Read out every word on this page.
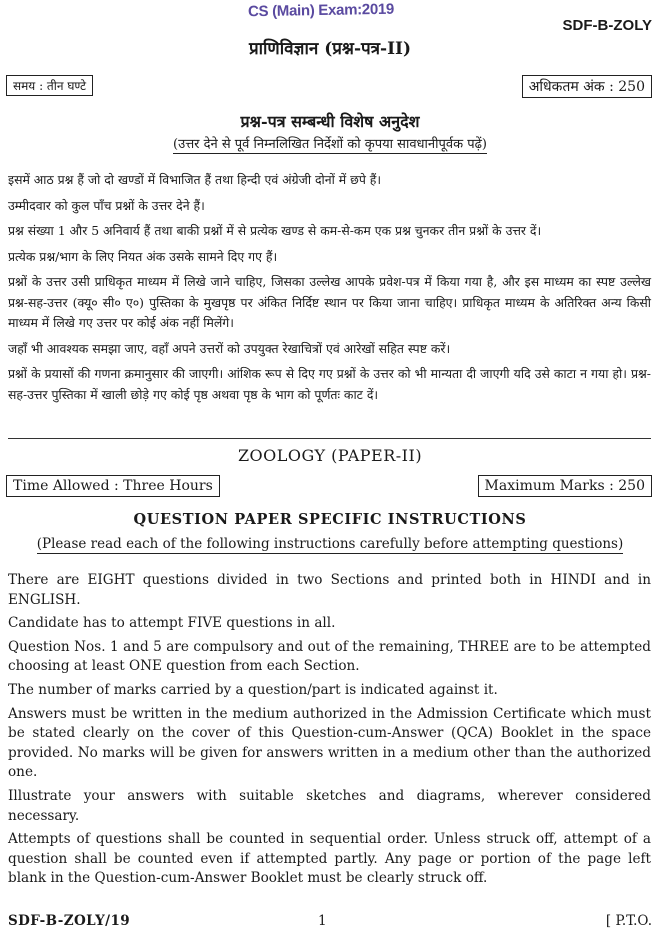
CS (Main) Exam:2019
SDF-B-ZOLY
प्राणिविज्ञान (प्रश्न-पत्र-II)
समय : तीन घण्टे	अधिकतम अंक : 250
प्रश्न-पत्र सम्बन्धी विशेष अनुदेश
(उत्तर देने से पूर्व निम्नलिखित निर्देशों को कृपया सावधानीपूर्वक पढ़ें)

इसमें आठ प्रश्न हैं जो दो खण्डों में विभाजित हैं तथा हिन्दी एवं अंग्रेजी दोनों में छपे हैं।

उम्मीदवार को कुल पाँच प्रश्नों के उत्तर देने हैं।

प्रश्न संख्या 1 और 5 अनिवार्य हैं तथा बाकी प्रश्नों में से प्रत्येक खण्ड से कम-से-कम एक प्रश्न चुनकर तीन प्रश्नों के उत्तर दें।

प्रत्येक प्रश्न/भाग के लिए नियत अंक उसके सामने दिए गए हैं।

प्रश्नों के उत्तर उसी प्राधिकृत माध्यम में लिखे जाने चाहिए, जिसका उल्लेख आपके प्रवेश-पत्र में किया गया है, और इस माध्यम का स्पष्ट उल्लेख प्रश्न-सह-उत्तर (क्यू० सी० ए०) पुस्तिका के मुखपृष्ठ पर अंकित निर्दिष्ट स्थान पर किया जाना चाहिए। प्राधिकृत माध्यम के अतिरिक्त अन्य किसी माध्यम में लिखे गए उत्तर पर कोई अंक नहीं मिलेंगे।

जहाँ भी आवश्यक समझा जाए, वहाँ अपने उत्तरों को उपयुक्त रेखाचित्रों एवं आरेखों सहित स्पष्ट करें।

प्रश्नों के प्रयासों की गणना क्रमानुसार की जाएगी। आंशिक रूप से दिए गए प्रश्नों के उत्तर को भी मान्यता दी जाएगी यदि उसे काटा न गया हो। प्रश्न-सह-उत्तर पुस्तिका में खाली छोड़े गए कोई पृष्ठ अथवा पृष्ठ के भाग को पूर्णतः काट दें।

ZOOLOGY (PAPER-II)
Time Allowed : Three Hours	Maximum Marks : 250
QUESTION PAPER SPECIFIC INSTRUCTIONS
(Please read each of the following instructions carefully before attempting questions)

There are EIGHT questions divided in two Sections and printed both in HINDI and in ENGLISH.

Candidate has to attempt FIVE questions in all.

Question Nos. 1 and 5 are compulsory and out of the remaining, THREE are to be attempted choosing at least ONE question from each Section.

The number of marks carried by a question/part is indicated against it.

Answers must be written in the medium authorized in the Admission Certificate which must be stated clearly on the cover of this Question-cum-Answer (QCA) Booklet in the space provided. No marks will be given for answers written in a medium other than the authorized one.

Illustrate your answers with suitable sketches and diagrams, wherever considered necessary.

Attempts of questions shall be counted in sequential order. Unless struck off, attempt of a question shall be counted even if attempted partly. Any page or portion of the page left blank in the Question-cum-Answer Booklet must be clearly struck off.

SDF-B-ZOLY/19	1	[ P.T.O.
